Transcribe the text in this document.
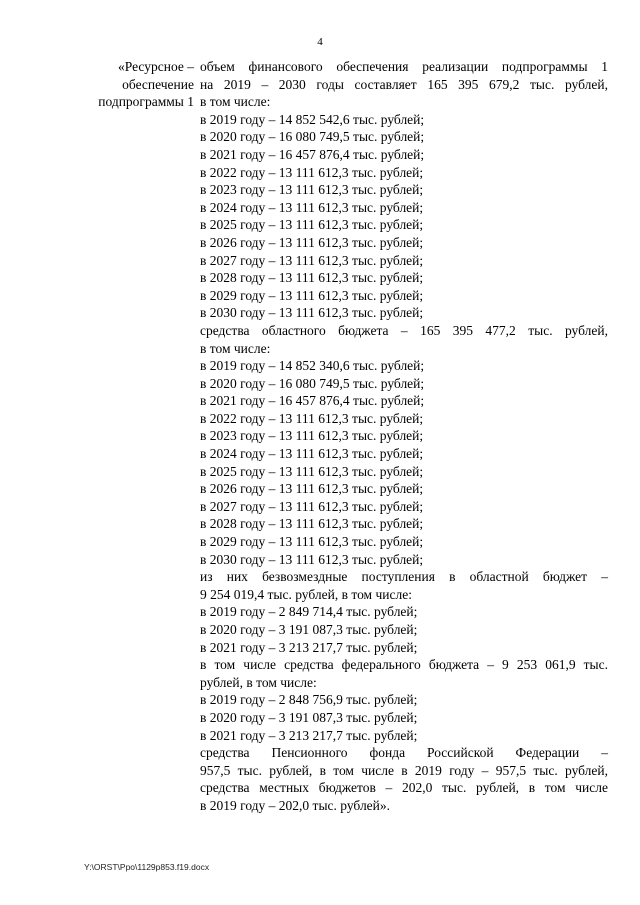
4
«Ресурсное –
обеспечение
подпрограммы 1
объем финансового обеспечения реализации подпрограммы 1
на 2019 – 2030 годы составляет 165 395 679,2 тыс. рублей,
в том числе:
в 2019 году – 14 852 542,6 тыс. рублей;
в 2020 году – 16 080 749,5 тыс. рублей;
в 2021 году – 16 457 876,4 тыс. рублей;
в 2022 году – 13 111 612,3 тыс. рублей;
в 2023 году – 13 111 612,3 тыс. рублей;
в 2024 году – 13 111 612,3 тыс. рублей;
в 2025 году – 13 111 612,3 тыс. рублей;
в 2026 году – 13 111 612,3 тыс. рублей;
в 2027 году – 13 111 612,3 тыс. рублей;
в 2028 году – 13 111 612,3 тыс. рублей;
в 2029 году – 13 111 612,3 тыс. рублей;
в 2030 году – 13 111 612,3 тыс. рублей;
средства областного бюджета – 165 395 477,2 тыс. рублей,
в том числе:
в 2019 году – 14 852 340,6 тыс. рублей;
в 2020 году – 16 080 749,5 тыс. рублей;
в 2021 году – 16 457 876,4 тыс. рублей;
в 2022 году – 13 111 612,3 тыс. рублей;
в 2023 году – 13 111 612,3 тыс. рублей;
в 2024 году – 13 111 612,3 тыс. рублей;
в 2025 году – 13 111 612,3 тыс. рублей;
в 2026 году – 13 111 612,3 тыс. рублей;
в 2027 году – 13 111 612,3 тыс. рублей;
в 2028 году – 13 111 612,3 тыс. рублей;
в 2029 году – 13 111 612,3 тыс. рублей;
в 2030 году – 13 111 612,3 тыс. рублей;
из них безвозмездные поступления в областной бюджет –
9 254 019,4 тыс. рублей, в том числе:
в 2019 году – 2 849 714,4 тыс. рублей;
в 2020 году – 3 191 087,3 тыс. рублей;
в 2021 году – 3 213 217,7 тыс. рублей;
в том числе средства федерального бюджета – 9 253 061,9 тыс.
рублей, в том числе:
в 2019 году – 2 848 756,9 тыс. рублей;
в 2020 году – 3 191 087,3 тыс. рублей;
в 2021 году – 3 213 217,7 тыс. рублей;
средства Пенсионного фонда Российской Федерации –
957,5 тыс. рублей, в том числе в 2019 году – 957,5 тыс. рублей,
средства местных бюджетов – 202,0 тыс. рублей, в том числе
в 2019 году – 202,0 тыс. рублей».
Y:\ORST\Ppo\1129p853.f19.docx
